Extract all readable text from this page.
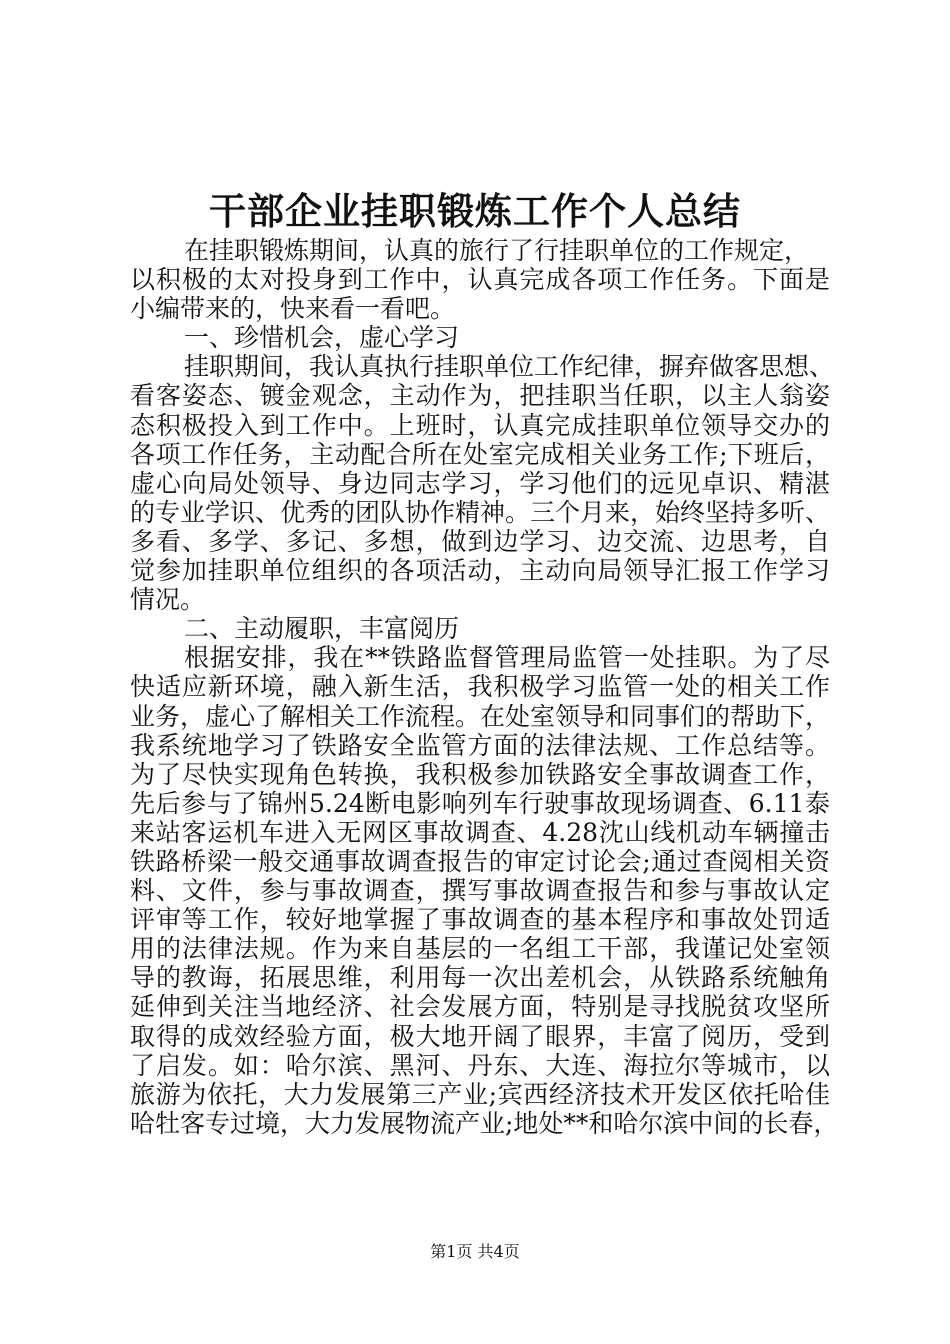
干部企业挂职锻炼工作个人总结
在挂职锻炼期间，认真的旅行了行挂职单位的工作规定，
以积极的太对投身到工作中，认真完成各项工作任务。下面是
小编带来的，快来看一看吧。
一、珍惜机会，虚心学习
挂职期间，我认真执行挂职单位工作纪律，摒弃做客思想、
看客姿态、镀金观念，主动作为，把挂职当任职，以主人翁姿
态积极投入到工作中。上班时，认真完成挂职单位领导交办的
各项工作任务，主动配合所在处室完成相关业务工作;下班后，
虚心向局处领导、身边同志学习，学习他们的远见卓识、精湛
的专业学识、优秀的团队协作精神。三个月来，始终坚持多听、
多看、多学、多记、多想，做到边学习、边交流、边思考，自
觉参加挂职单位组织的各项活动，主动向局领导汇报工作学习
情况。
二、主动履职，丰富阅历
根据安排，我在**铁路监督管理局监管一处挂职。为了尽
快适应新环境，融入新生活，我积极学习监管一处的相关工作
业务，虚心了解相关工作流程。在处室领导和同事们的帮助下，
我系统地学习了铁路安全监管方面的法律法规、工作总结等。
为了尽快实现角色转换，我积极参加铁路安全事故调查工作，
先后参与了锦州5.24断电影响列车行驶事故现场调查、6.11泰
来站客运机车进入无网区事故调查、4.28沈山线机动车辆撞击
铁路桥梁一般交通事故调查报告的审定讨论会;通过查阅相关资
料、文件，参与事故调查，撰写事故调查报告和参与事故认定
评审等工作，较好地掌握了事故调查的基本程序和事故处罚适
用的法律法规。作为来自基层的一名组工干部，我谨记处室领
导的教诲，拓展思维，利用每一次出差机会，从铁路系统触角
延伸到关注当地经济、社会发展方面，特别是寻找脱贫攻坚所
取得的成效经验方面，极大地开阔了眼界，丰富了阅历，受到
了启发。如：哈尔滨、黑河、丹东、大连、海拉尔等城市，以
旅游为依托，大力发展第三产业;宾西经济技术开发区依托哈佳
哈牡客专过境，大力发展物流产业;地处**和哈尔滨中间的长春，
第1页 共4页
